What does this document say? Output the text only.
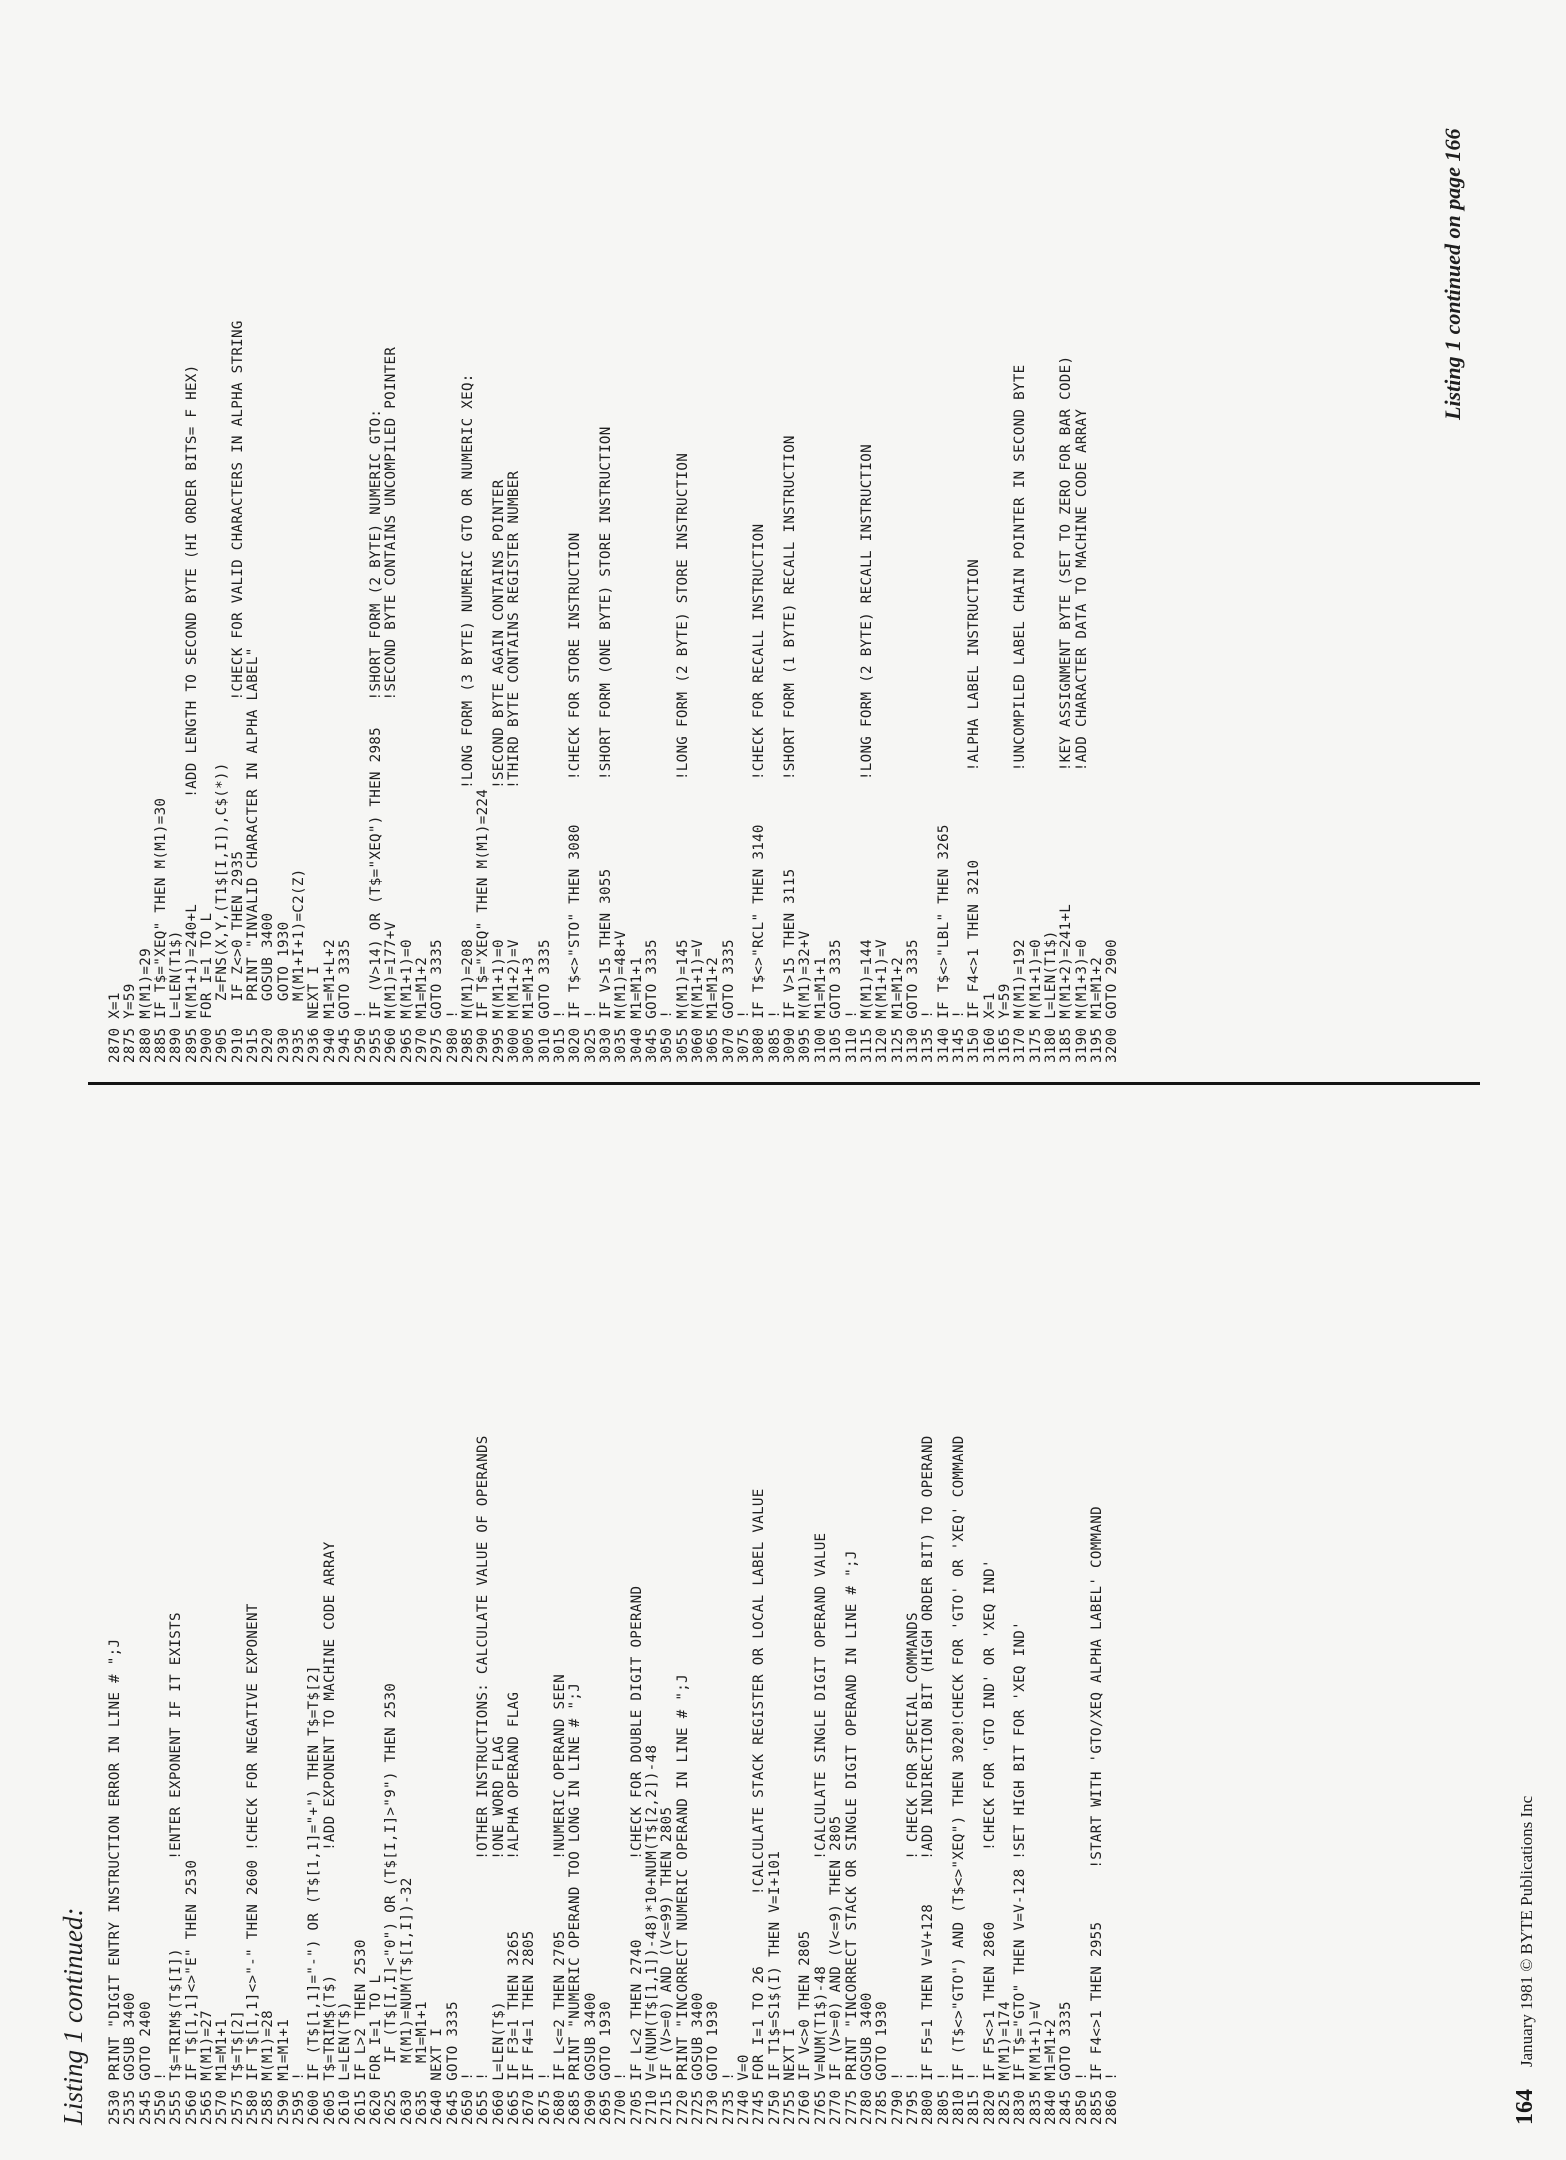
Listing 1 continued: 2530 PRINT "DIGIT ENTRY INSTRUCTION ERROR IN LINE # ";J 2535 GOSUB 3400 2545 GOTO 2400 2550 ! 2555 T$=TRIM$(T$[I])          !ENTER EXPONENT IF IT EXISTS 2560 IF T$[1,1]<>"E" THEN 2530 2565 M(M1)=27 2570 M1=M1+1 2575 T$=T$[2] 2580 IF T$[1,1]<>"-" THEN 2600 !CHECK FOR NEGATIVE EXPONENT 2585 M(M1)=28 2590 M1=M1+1 2595 ! 2600 IF (T$[1,1]="-") OR (T$[1,1]="+") THEN T$=T$[2] 2605 T$=TRIM$(T$)              !ADD EXPONENT TO MACHINE CODE ARRAY 2610 L=LEN(T$) 2615 IF L>2 THEN 2530 2620 FOR I=1 TO L 2625   IF (T$[I,I]<"0") OR (T$[I,I]>"9") THEN 2530 2630   M(M1)=NUM(T$[I,I])-32 2635   M1=M1+1 2640 NEXT I 2645 GOTO 3335 2650 ! 2655 !                        !OTHER INSTRUCTIONS: CALCULATE VALUE OF OPERANDS 2660 L=LEN(T$)                !ONE WORD FLAG 2665 IF F3=1 THEN 3265        !ALPHA OPERAND FLAG 2670 IF F4=1 THEN 2805 2675 ! 2680 IF L<=2 THEN 2705        !NUMERIC OPERAND SEEN 2685 PRINT "NUMERIC OPERAND TOO LONG IN LINE # ";J 2690 GOSUB 3400 2695 GOTO 1930 2700 ! 2705 IF L<2 THEN 2740         !CHECK FOR DOUBLE DIGIT OPERAND 2710 V=(NUM(T$[1,1])-48)*10+NUM(T$[2,2])-48 2715 IF (V>=0) AND (V<=99) THEN 2805 2720 PRINT "INCORRECT NUMERIC OPERAND IN LINE # ";J 2725 GOSUB 3400 2730 GOTO 1930 2735 ! 2740 V=0 2745 FOR I=1 TO 26        !CALCULATE STACK REGISTER OR LOCAL LABEL VALUE 2750 IF T1$=S1$(I) THEN V=I+101 2755 NEXT I 2760 IF V<>0 THEN 2805 2765 V=NUM(T1$)-48            !CALCULATE SINGLE DIGIT OPERAND VALUE 2770 IF (V>=0) AND (V<=9) THEN 2805 2775 PRINT "INCORRECT STACK OR SINGLE DIGIT OPERAND IN LINE # ";J 2780 GOSUB 3400 2785 GOTO 1930 2790 ! 2795 !                        ! CHECK FOR SPECIAL COMMANDS 2800 IF F5=1 THEN V=V+128     !ADD INDIRECTION BIT (HIGH ORDER BIT) TO OPERAND 2805 ! 2810 IF (T$<>"GTO") AND (T$<>"XEQ") THEN 3020!CHECK FOR 'GTO' OR 'XEQ' COMMAND 2815 ! 2820 IF F5<>1 THEN 2860        !CHECK FOR 'GTO IND' OR 'XEQ IND' 2825 M(M1)=174 2830 IF T$="GTO" THEN V=V-128 !SET HIGH BIT FOR 'XEQ IND' 2835 M(M1+1)=V 2840 M1=M1+2 2845 GOTO 3335 2850 ! 2855 IF F4<>1 THEN 2955      !START WITH 'GTO/XEQ ALPHA LABEL' COMMAND 2860 !
2870 X=1 2875 Y=59 2880 M(M1)=29 2885 IF T$="XEQ" THEN M(M1)=30 2890 L=LEN(T1$) 2895 M(M1+1)=240+L            !ADD LENGTH TO SECOND BYTE (HI ORDER BITS= F HEX) 2900 FOR I=1 TO L 2905   Z=FNS(X,Y,(T1$[I,I]),C$(*)) 2910   IF Z<>0 THEN 2935                 !CHECK FOR VALID CHARACTERS IN ALPHA STRING 2915   PRINT "INVALID CHARACTER IN ALPHA LABEL" 2920   GOSUB 3400 2930   GOTO 1930 2935   M(M1+I+1)=C2(Z) 2936 NEXT I 2940 M1=M1+L+2 2945 GOTO 3335 2950 ! 2955 IF (V>14) OR (T$="XEQ") THEN 2985   !SHORT FORM (2 BYTE) NUMERIC GTO: 2960 M(M1)=177+V                         !SECOND BYTE CONTAINS UNCOMPILED POINTER 2965 M(M1+1)=0 2970 M1=M1+2 2975 GOTO 3335 2980 ! 2985 M(M1)=208                 !LONG FORM (3 BYTE) NUMERIC GTO OR NUMERIC XEQ: 2990 IF T$="XEQ" THEN M(M1)=224 2995 M(M1+1)=0                 !SECOND BYTE AGAIN CONTAINS POINTER 3000 M(M1+2)=V                 !THIRD BYTE CONTAINS REGISTER NUMBER 3005 M1=M1+3 3010 GOTO 3335 3015 ! 3020 IF T$<>"STO" THEN 3080     !CHECK FOR STORE INSTRUCTION 3025 ! 3030 IF V>15 THEN 3055          !SHORT FORM (ONE BYTE) STORE INSTRUCTION 3035 M(M1)=48+V 3040 M1=M1+1 3045 GOTO 3335 3050 ! 3055 M(M1)=145                  !LONG FORM (2 BYTE) STORE INSTRUCTION 3060 M(M1+1)=V 3065 M1=M1+2 3070 GOTO 3335 3075 ! 3080 IF T$<>"RCL" THEN 3140     !CHECK FOR RECALL INSTRUCTION 3085 ! 3090 IF V>15 THEN 3115          !SHORT FORM (1 BYTE) RECALL INSTRUCTION 3095 M(M1)=32+V 3100 M1=M1+1 3105 GOTO 3335 3110 ! 3115 M(M1)=144                  !LONG FORM (2 BYTE) RECALL INSTRUCTION 3120 M(M1+1)=V 3125 M1=M1+2 3130 GOTO 3335 3135 ! 3140 IF T$<>"LBL" THEN 3265 3145 ! 3150 IF F4<>1 THEN 3210          !ALPHA LABEL INSTRUCTION 3160 X=1 3165 Y=59 3170 M(M1)=192                   !UNCOMPILED LABEL CHAIN POINTER IN SECOND BYTE 3175 M(M1+1)=0 3180 L=LEN(T1$) 3185 M(M1+2)=241+L               !KEY ASSIGNMENT BYTE (SET TO ZERO FOR BAR CODE) 3190 M(M1+3)=0                   !ADD CHARACTER DATA TO MACHINE CODE ARRAY 3195 M1=M1+2 3200 GOTO 2900
Listing 1 continued on page 166
164
January 1981 © BYTE Publications Inc
